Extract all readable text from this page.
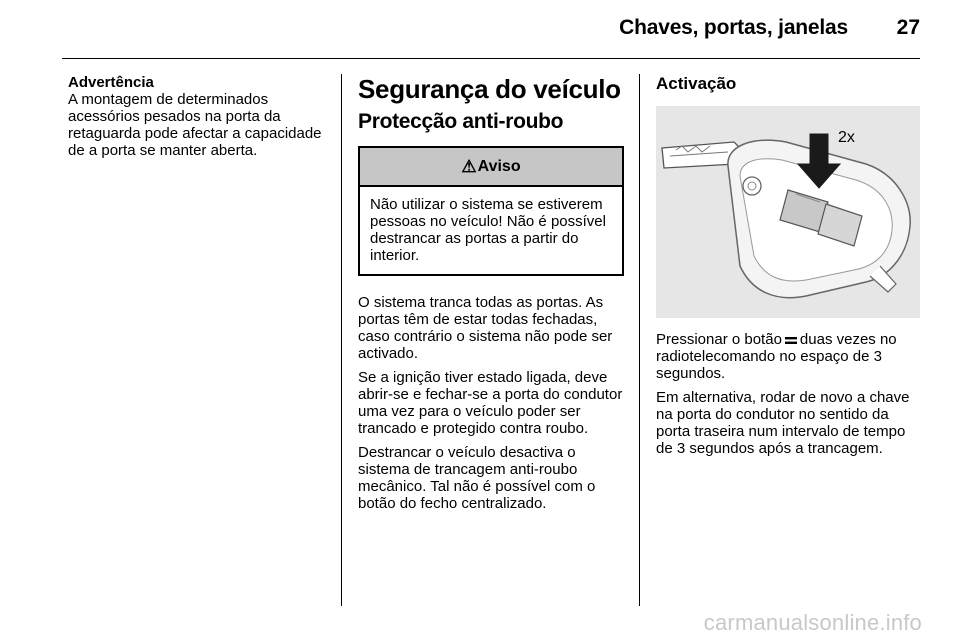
Chaves, portas, janelas 27
Advertência
A montagem de determinados acessórios pesados na porta da retaguarda pode afectar a capacidade de a porta se manter aberta.
Segurança do veículo
Protecção anti-roubo
⚠ Aviso
Não utilizar o sistema se estiverem pessoas no veículo! Não é possível destrancar as portas a partir do interior.

O sistema tranca todas as portas. As portas têm de estar todas fechadas, caso contrário o sistema não pode ser activado.

Se a ignição tiver estado ligada, deve abrir-se e fechar-se a porta do condutor uma vez para o veículo poder ser trancado e protegido contra roubo.

Destrancar o veículo desactiva o sistema de trancagem anti-roubo mecânico. Tal não é possível com o botão do fecho centralizado.

Activação
2x

Pressionar o botão duas vezes no radiotelecomando no espaço de 3 segundos.

Em alternativa, rodar de novo a chave na porta do condutor no sentido da porta traseira num intervalo de tempo de 3 segundos após a trancagem.

carmanualsonline.info
